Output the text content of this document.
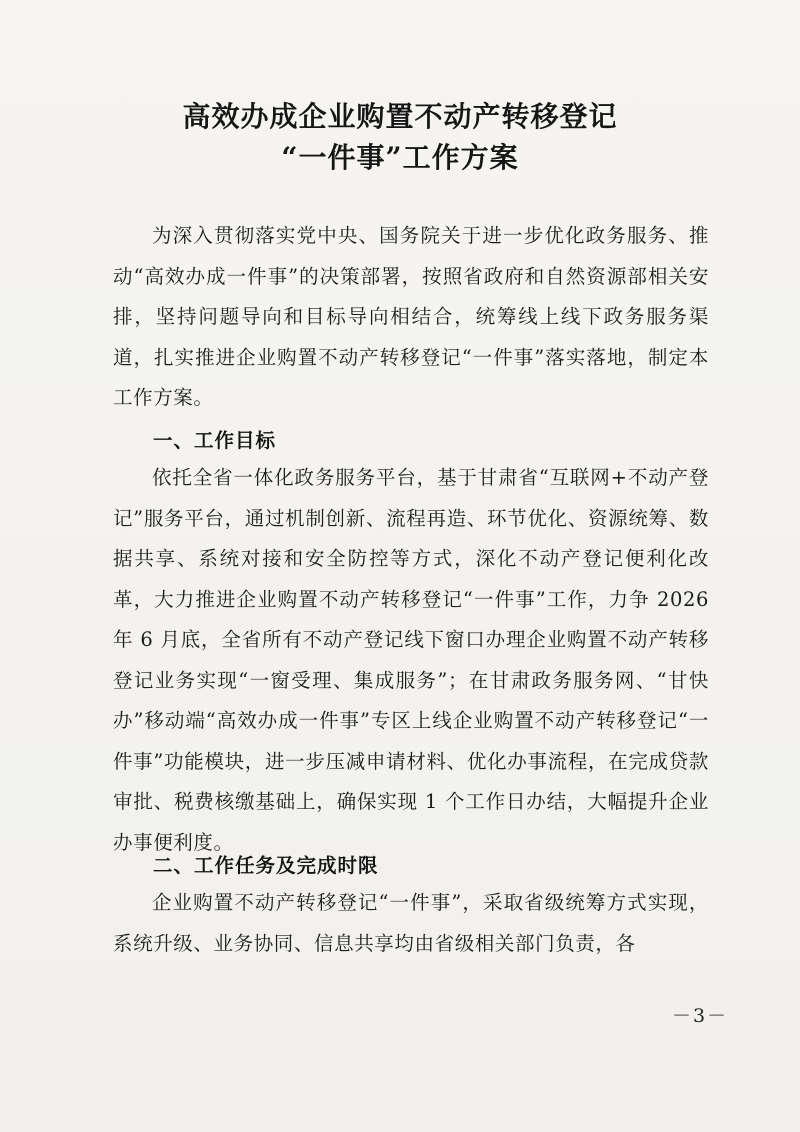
高效办成企业购置不动产转移登记
“一件事”工作方案

为深入贯彻落实党中央、国务院关于进一步优化政务服务、推动“高效办成一件事”的决策部署，按照省政府和自然资源部相关安排，坚持问题导向和目标导向相结合，统筹线上线下政务服务渠道，扎实推进企业购置不动产转移登记“一件事”落实落地，制定本工作方案。

一、工作目标

依托全省一体化政务服务平台，基于甘肃省“互联网+不动产登记”服务平台，通过机制创新、流程再造、环节优化、资源统筹、数据共享、系统对接和安全防控等方式，深化不动产登记便利化改革，大力推进企业购置不动产转移登记“一件事”工作，力争 2026 年 6 月底，全省所有不动产登记线下窗口办理企业购置不动产转移登记业务实现“一窗受理、集成服务”；在甘肃政务服务网、“甘快办”移动端“高效办成一件事”专区上线企业购置不动产转移登记“一件事”功能模块，进一步压减申请材料、优化办事流程，在完成贷款审批、税费核缴基础上，确保实现 1 个工作日办结，大幅提升企业办事便利度。

二、工作任务及完成时限

企业购置不动产转移登记“一件事”，采取省级统筹方式实现，系统升级、业务协同、信息共享均由省级相关部门负责，各

－3－
